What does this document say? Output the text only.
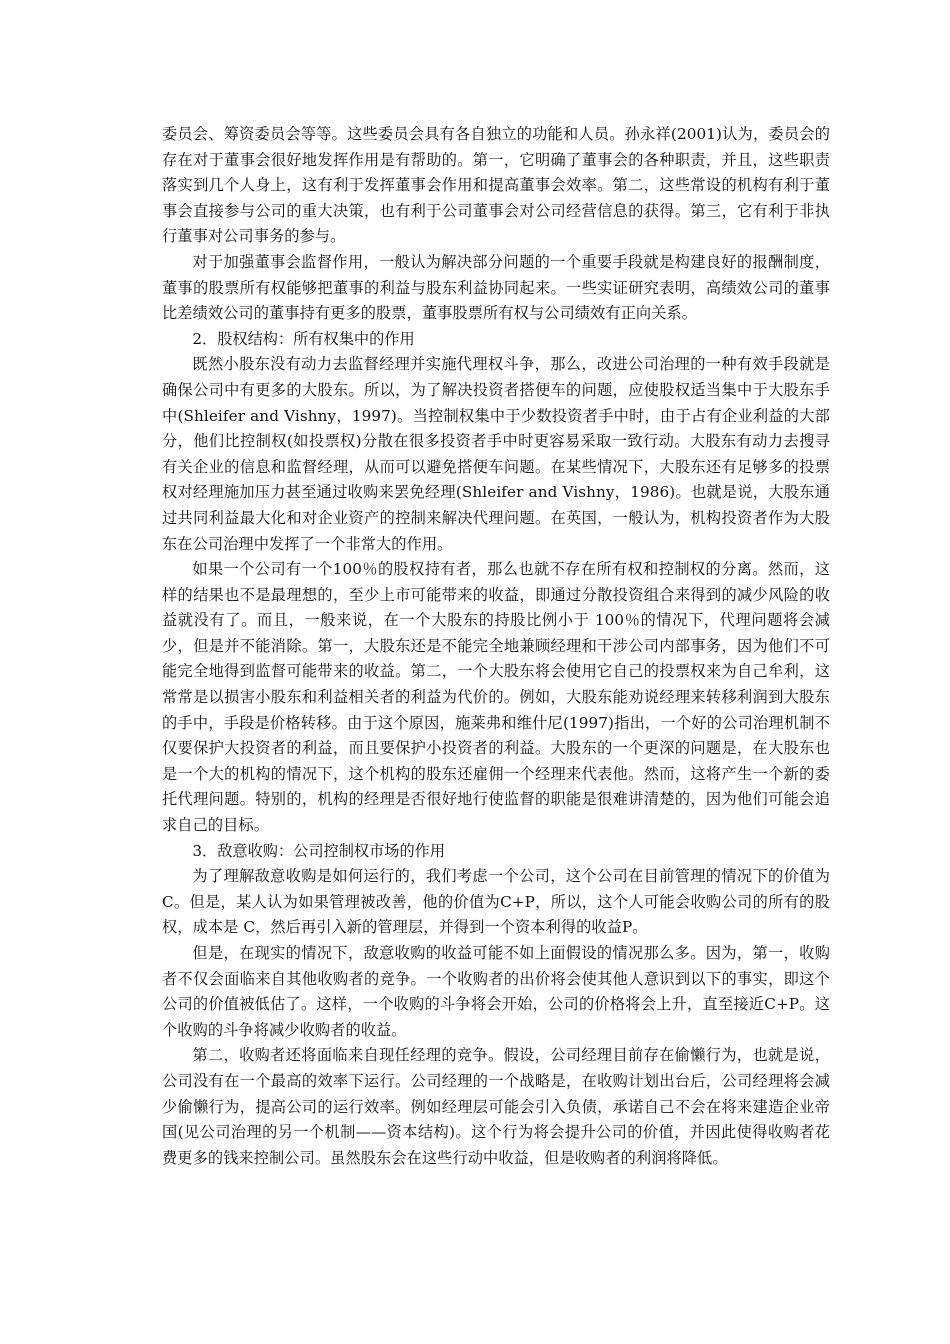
委员会、筹资委员会等等。这些委员会具有各自独立的功能和人员。孙永祥(2001)认为，委员会的存在对于董事会很好地发挥作用是有帮助的。第一，它明确了董事会的各种职责，并且，这些职责落实到几个人身上，这有利于发挥董事会作用和提高董事会效率。第二，这些常设的机构有利于董事会直接参与公司的重大决策，也有利于公司董事会对公司经营信息的获得。第三，它有利于非执行董事对公司事务的参与。

对于加强董事会监督作用，一般认为解决部分问题的一个重要手段就是构建良好的报酬制度，董事的股票所有权能够把董事的利益与股东利益协同起来。一些实证研究表明，高绩效公司的董事比差绩效公司的董事持有更多的股票，董事股票所有权与公司绩效有正向关系。

2．股权结构：所有权集中的作用

既然小股东没有动力去监督经理并实施代理权斗争，那么，改进公司治理的一种有效手段就是确保公司中有更多的大股东。所以，为了解决投资者搭便车的问题，应使股权适当集中于大股东手中(Shleifer and Vishny，1997)。当控制权集中于少数投资者手中时，由于占有企业利益的大部分，他们比控制权(如投票权)分散在很多投资者手中时更容易采取一致行动。大股东有动力去搜寻有关企业的信息和监督经理，从而可以避免搭便车问题。在某些情况下，大股东还有足够多的投票权对经理施加压力甚至通过收购来罢免经理(Shleifer and Vishny，1986)。也就是说，大股东通过共同利益最大化和对企业资产的控制来解决代理问题。在英国，一般认为，机构投资者作为大股东在公司治理中发挥了一个非常大的作用。

如果一个公司有一个100％的股权持有者，那么也就不存在所有权和控制权的分离。然而，这样的结果也不是最理想的，至少上市可能带来的收益，即通过分散投资组合来得到的减少风险的收益就没有了。而且，一般来说，在一个大股东的持股比例小于 100％的情况下，代理问题将会减少，但是并不能消除。第一，大股东还是不能完全地兼顾经理和干涉公司内部事务，因为他们不可能完全地得到监督可能带来的收益。第二，一个大股东将会使用它自己的投票权来为自己牟利，这常常是以损害小股东和利益相关者的利益为代价的。例如，大股东能劝说经理来转移利润到大股东的手中，手段是价格转移。由于这个原因，施莱弗和维什尼(1997)指出，一个好的公司治理机制不仅要保护大投资者的利益，而且要保护小投资者的利益。大股东的一个更深的问题是，在大股东也是一个大的机构的情况下，这个机构的股东还雇佣一个经理来代表他。然而，这将产生一个新的委托代理问题。特别的，机构的经理是否很好地行使监督的职能是很难讲清楚的，因为他们可能会追求自己的目标。

3．敌意收购：公司控制权市场的作用

为了理解敌意收购是如何运行的，我们考虑一个公司，这个公司在目前管理的情况下的价值为C。但是，某人认为如果管理被改善，他的价值为C+P，所以，这个人可能会收购公司的所有的股权，成本是 C，然后再引入新的管理层，并得到一个资本利得的收益P。

但是，在现实的情况下，敌意收购的收益可能不如上面假设的情况那么多。因为，第一，收购者不仅会面临来自其他收购者的竞争。一个收购者的出价将会使其他人意识到以下的事实，即这个公司的价值被低估了。这样，一个收购的斗争将会开始，公司的价格将会上升，直至接近C+P。这个收购的斗争将减少收购者的收益。

第二，收购者还将面临来自现任经理的竞争。假设，公司经理目前存在偷懒行为，也就是说，公司没有在一个最高的效率下运行。公司经理的一个战略是，在收购计划出台后，公司经理将会减少偷懒行为，提高公司的运行效率。例如经理层可能会引入负债，承诺自己不会在将来建造企业帝国(见公司治理的另一个机制——资本结构)。这个行为将会提升公司的价值，并因此使得收购者花费更多的钱来控制公司。虽然股东会在这些行动中收益，但是收购者的利润将降低。
